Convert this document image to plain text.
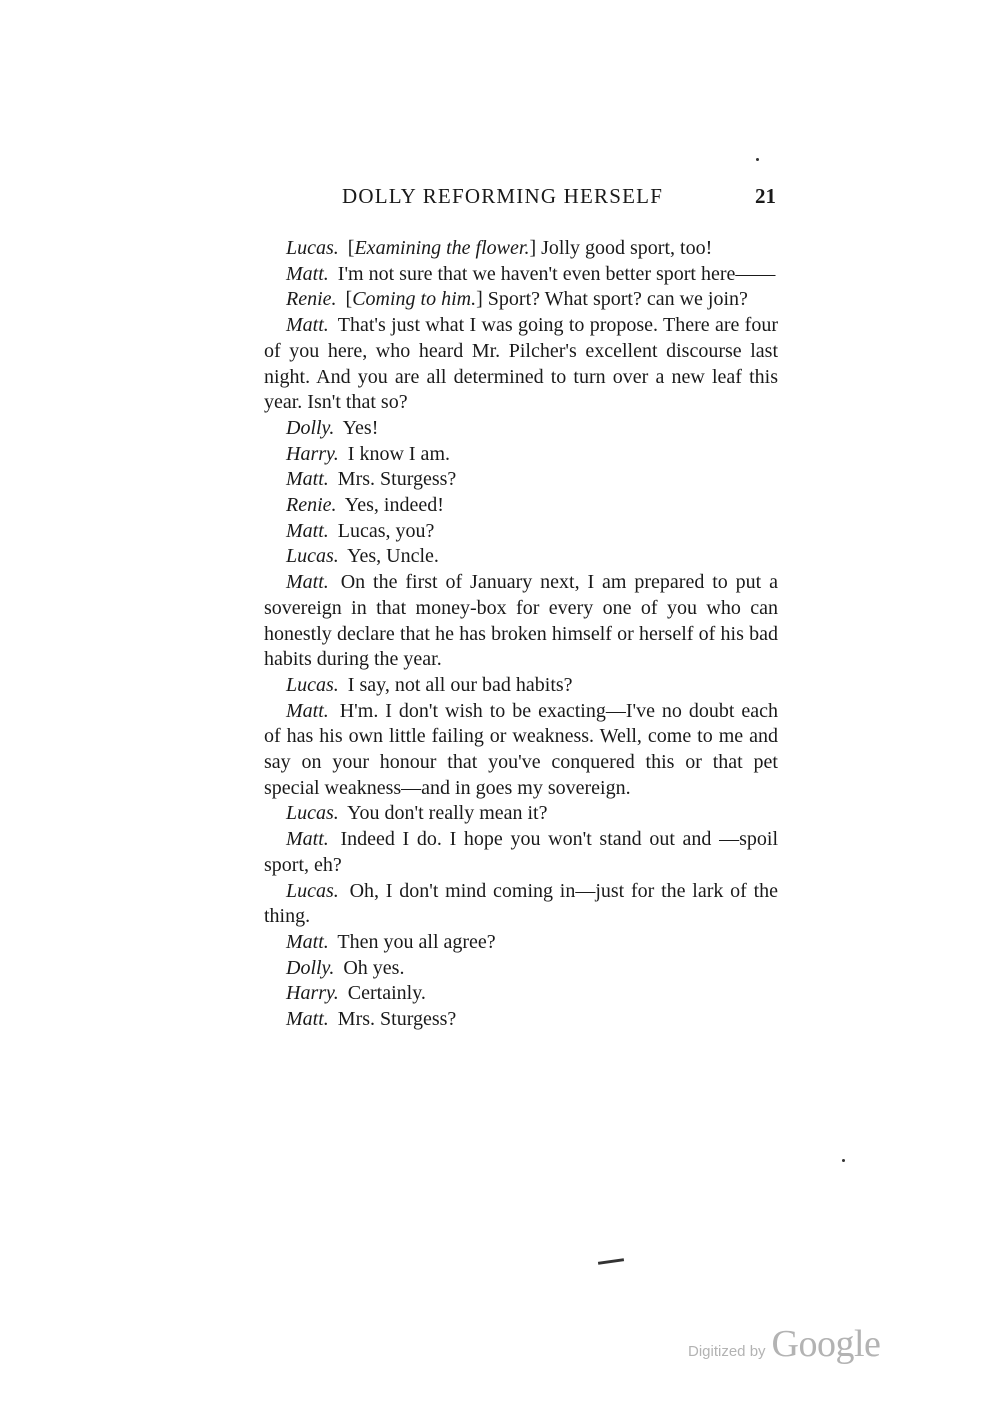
DOLLY REFORMING HERSELF	21

Lucas. [Examining the flower.] Jolly good sport, too!

Matt. I'm not sure that we haven't even better sport here——

Renie. [Coming to him.] Sport? What sport? can we join?

Matt. That's just what I was going to propose. There are four of you here, who heard Mr. Pilcher's excellent discourse last night. And you are all determined to turn over a new leaf this year. Isn't that so?

Dolly. Yes!

Harry. I know I am.

Matt. Mrs. Sturgess?

Renie. Yes, indeed!

Matt. Lucas, you?

Lucas. Yes, Uncle.

Matt. On the first of January next, I am prepared to put a sovereign in that money-box for every one of you who can honestly declare that he has broken himself or herself of his bad habits during the year.

Lucas. I say, not all our bad habits?

Matt. H'm. I don't wish to be exacting—I've no doubt each of has his own little failing or weakness. Well, come to me and say on your honour that you've conquered this or that pet special weakness—and in goes my sovereign.

Lucas. You don't really mean it?

Matt. Indeed I do. I hope you won't stand out and —spoil sport, eh?

Lucas. Oh, I don't mind coming in—just for the lark of the thing.

Matt. Then you all agree?

Dolly. Oh yes.

Harry. Certainly.

Matt. Mrs. Sturgess?

Digitized by Google
